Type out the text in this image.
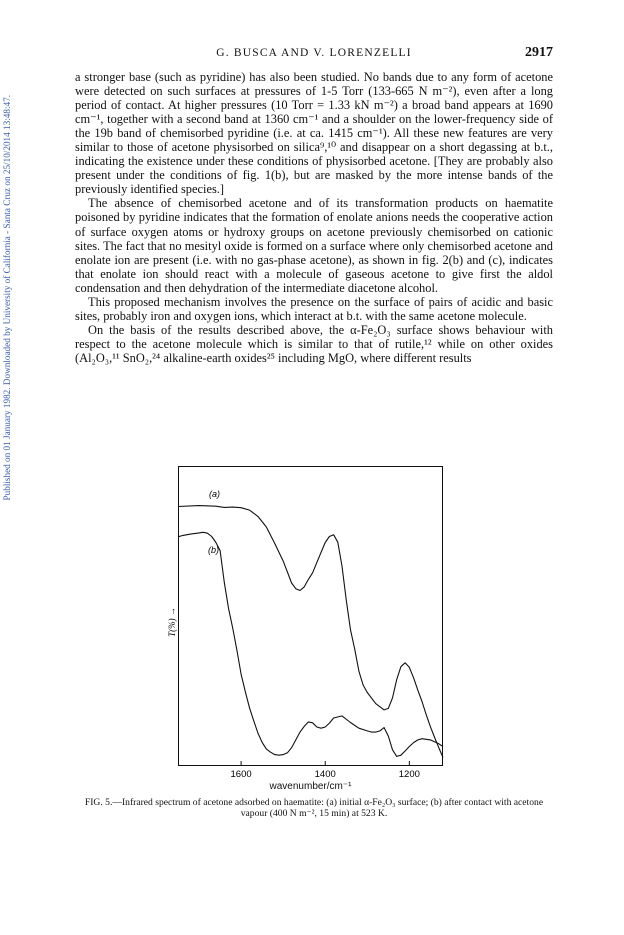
Published on 01 January 1982. Downloaded by University of California - Santa Cruz on 25/10/2014 13:48:47.
G. BUSCA AND V. LORENZELLI	2917

a stronger base (such as pyridine) has also been studied. No bands due to any form of acetone were detected on such surfaces at pressures of 1-5 Torr (133-665 N m⁻²), even after a long period of contact. At higher pressures (10 Torr = 1.33 kN m⁻²) a broad band appears at 1690 cm⁻¹, together with a second band at 1360 cm⁻¹ and a shoulder on the lower-frequency side of the 19b band of chemisorbed pyridine (i.e. at ca. 1415 cm⁻¹). All these new features are very similar to those of acetone physisorbed on silica⁹,¹⁰ and disappear on a short degassing at b.t., indicating the existence under these conditions of physisorbed acetone. [They are probably also present under the conditions of fig. 1(b), but are masked by the more intense bands of the previously identified species.]

The absence of chemisorbed acetone and of its transformation products on haematite poisoned by pyridine indicates that the formation of enolate anions needs the cooperative action of surface oxygen atoms or hydroxy groups on acetone previously chemisorbed on cationic sites. The fact that no mesityl oxide is formed on a surface where only chemisorbed acetone and enolate ion are present (i.e. with no gas-phase acetone), as shown in fig. 2(b) and (c), indicates that enolate ion should react with a molecule of gaseous acetone to give first the aldol condensation and then dehydration of the intermediate diacetone alcohol.

This proposed mechanism involves the presence on the surface of pairs of acidic and basic sites, probably iron and oxygen ions, which interact at b.t. with the same acetone molecule.

On the basis of the results described above, the α-Fe₂O₃ surface shows behaviour with respect to the acetone molecule which is similar to that of rutile,¹² while on other oxides (Al₂O₃,¹¹ SnO₂,²⁴ alkaline-earth oxides²⁵ including MgO, where different results

1600	1400	1200
T(%) →
(a)
(b)
wavenumber/cm⁻¹
FIG. 5.—Infrared spectrum of acetone adsorbed on haematite: (a) initial α-Fe₂O₃ surface; (b) after contact with acetone vapour (400 N m⁻², 15 min) at 523 K.
